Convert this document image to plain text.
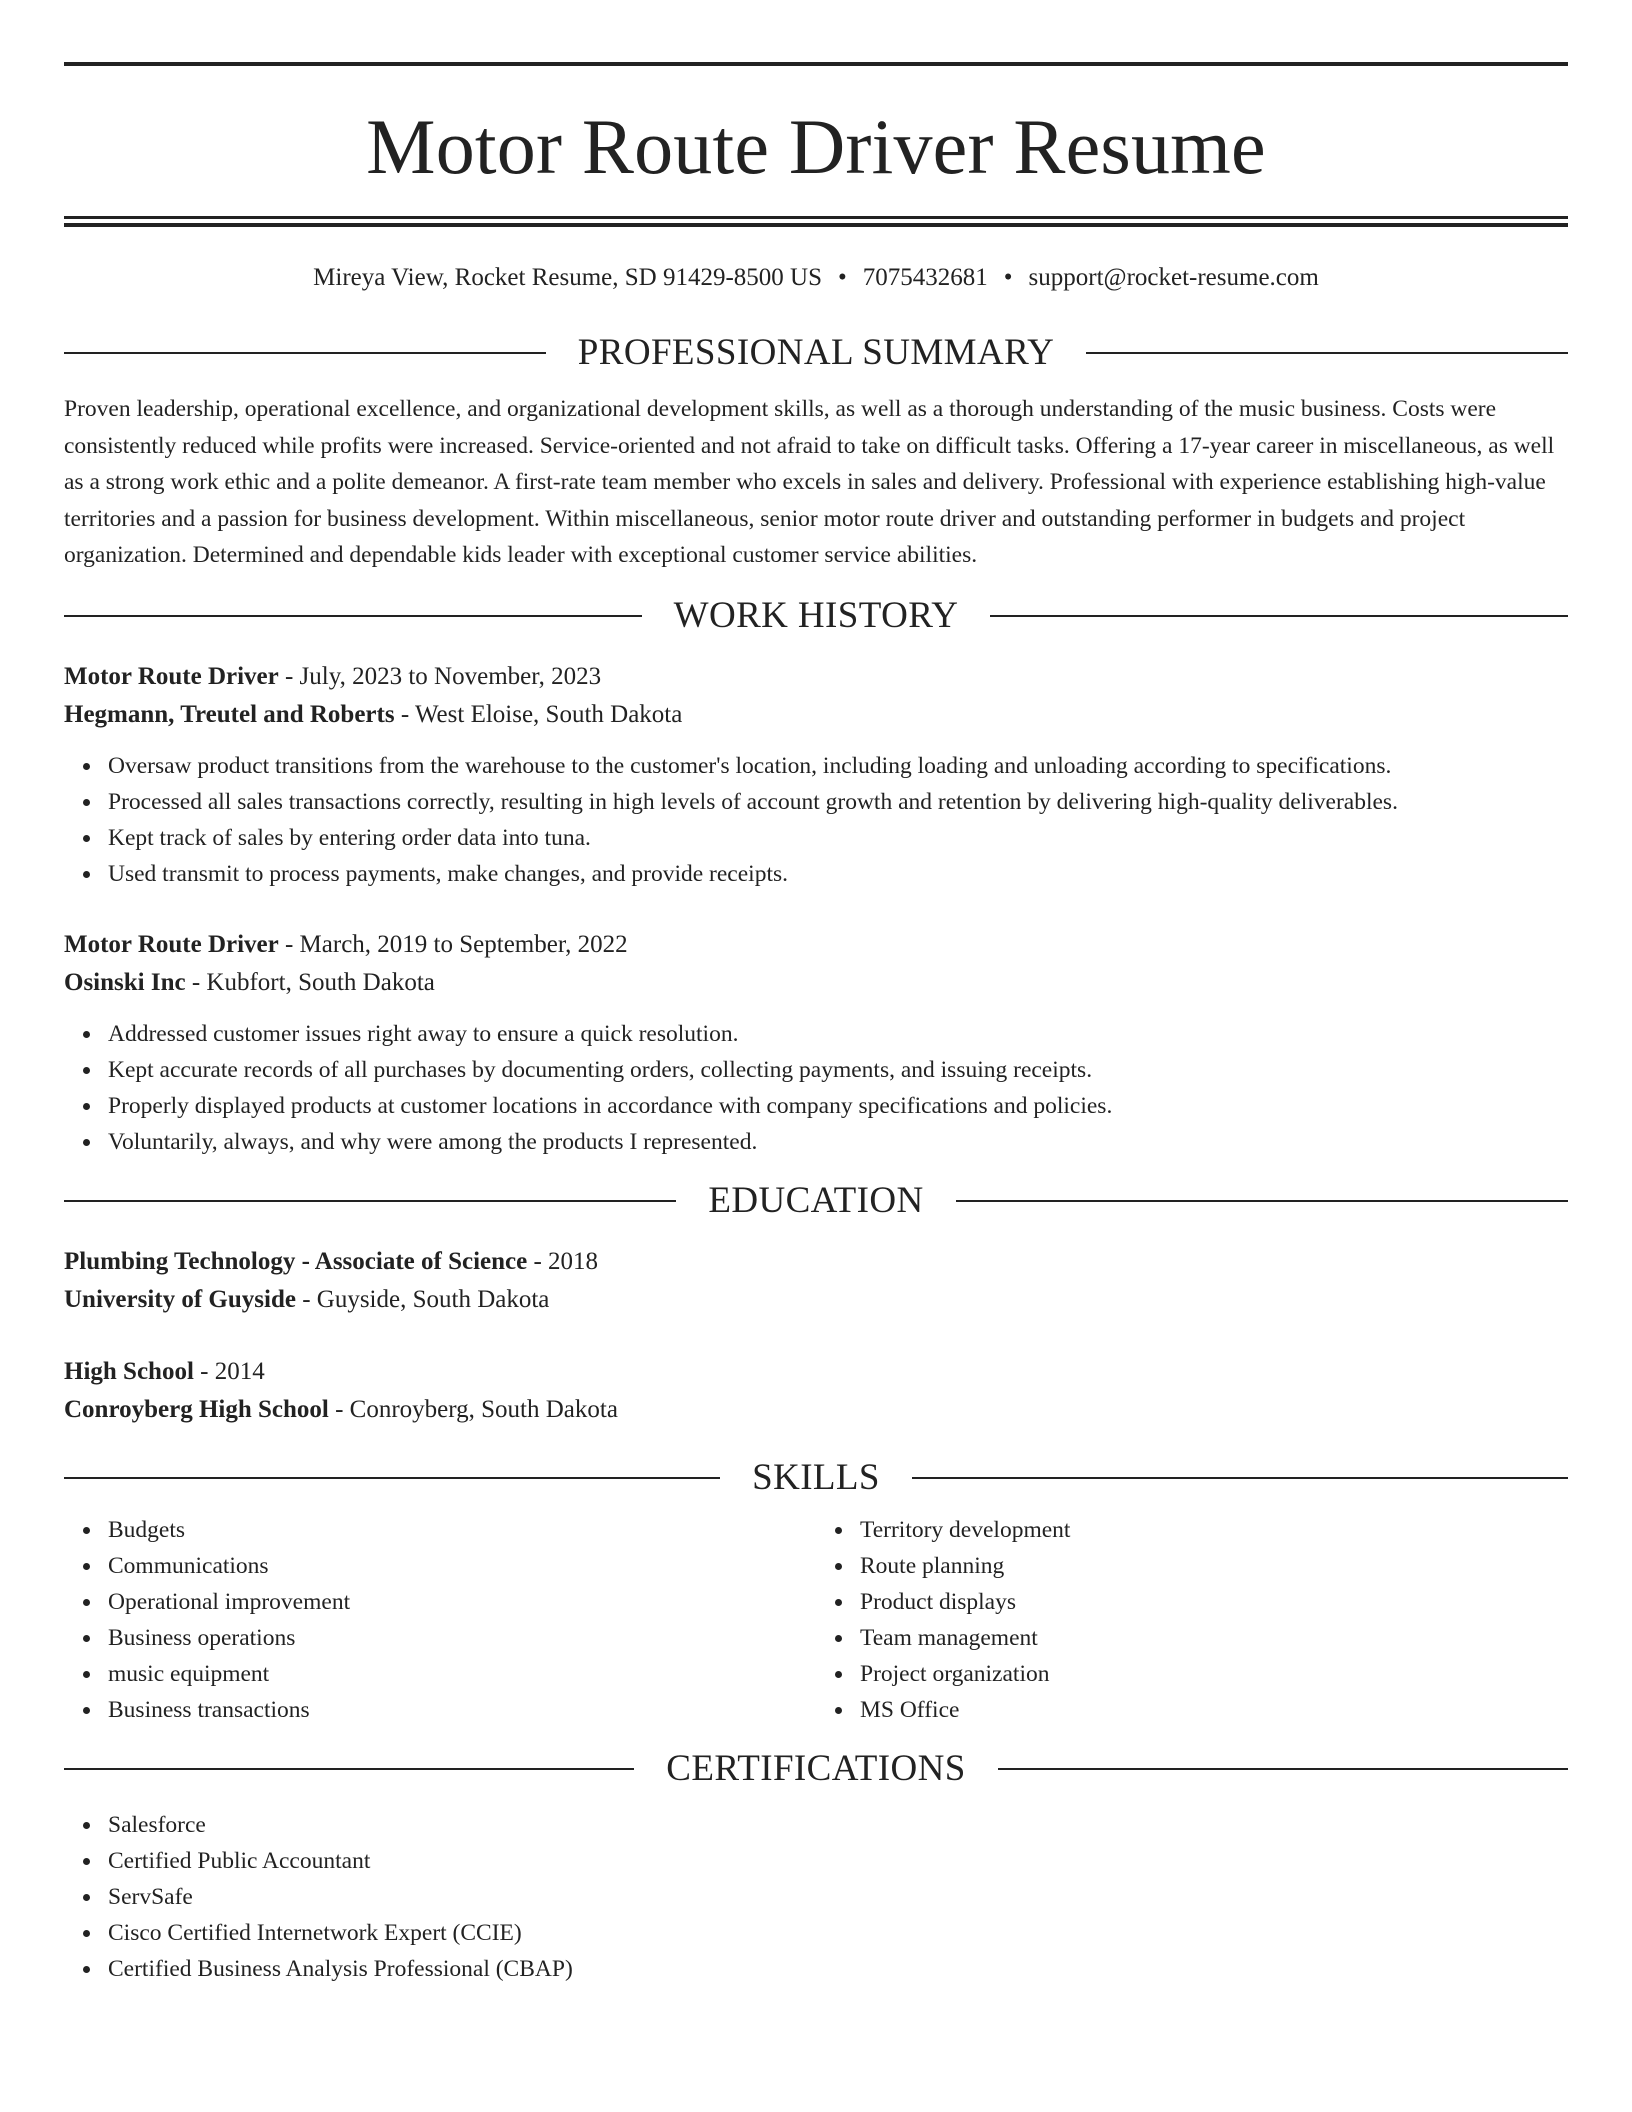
Motor Route Driver Resume
Mireya View, Rocket Resume, SD 91429-8500 US • 7075432681 • support@rocket-resume.com
PROFESSIONAL SUMMARY

Proven leadership, operational excellence, and organizational development skills, as well as a thorough understanding of the music business. Costs were consistently reduced while profits were increased. Service-oriented and not afraid to take on difficult tasks. Offering a 17-year career in miscellaneous, as well as a strong work ethic and a polite demeanor. A first-rate team member who excels in sales and delivery. Professional with experience establishing high-value territories and a passion for business development. Within miscellaneous, senior motor route driver and outstanding performer in budgets and project organization. Determined and dependable kids leader with exceptional customer service abilities.

WORK HISTORY
Motor Route Driver - July, 2023 to November, 2023
Hegmann, Treutel and Roberts - West Eloise, South Dakota
Oversaw product transitions from the warehouse to the customer's location, including loading and unloading according to specifications.
Processed all sales transactions correctly, resulting in high levels of account growth and retention by delivering high-quality deliverables.
Kept track of sales by entering order data into tuna.
Used transmit to process payments, make changes, and provide receipts.
Motor Route Driver - March, 2019 to September, 2022
Osinski Inc - Kubfort, South Dakota
Addressed customer issues right away to ensure a quick resolution.
Kept accurate records of all purchases by documenting orders, collecting payments, and issuing receipts.
Properly displayed products at customer locations in accordance with company specifications and policies.
Voluntarily, always, and why were among the products I represented.
EDUCATION
Plumbing Technology - Associate of Science - 2018
University of Guyside - Guyside, South Dakota
High School - 2014
Conroyberg High School - Conroyberg, South Dakota
SKILLS
Budgets
Communications
Operational improvement
Business operations
music equipment
Business transactions
Territory development
Route planning
Product displays
Team management
Project organization
MS Office
CERTIFICATIONS
Salesforce
Certified Public Accountant
ServSafe
Cisco Certified Internetwork Expert (CCIE)
Certified Business Analysis Professional (CBAP)
